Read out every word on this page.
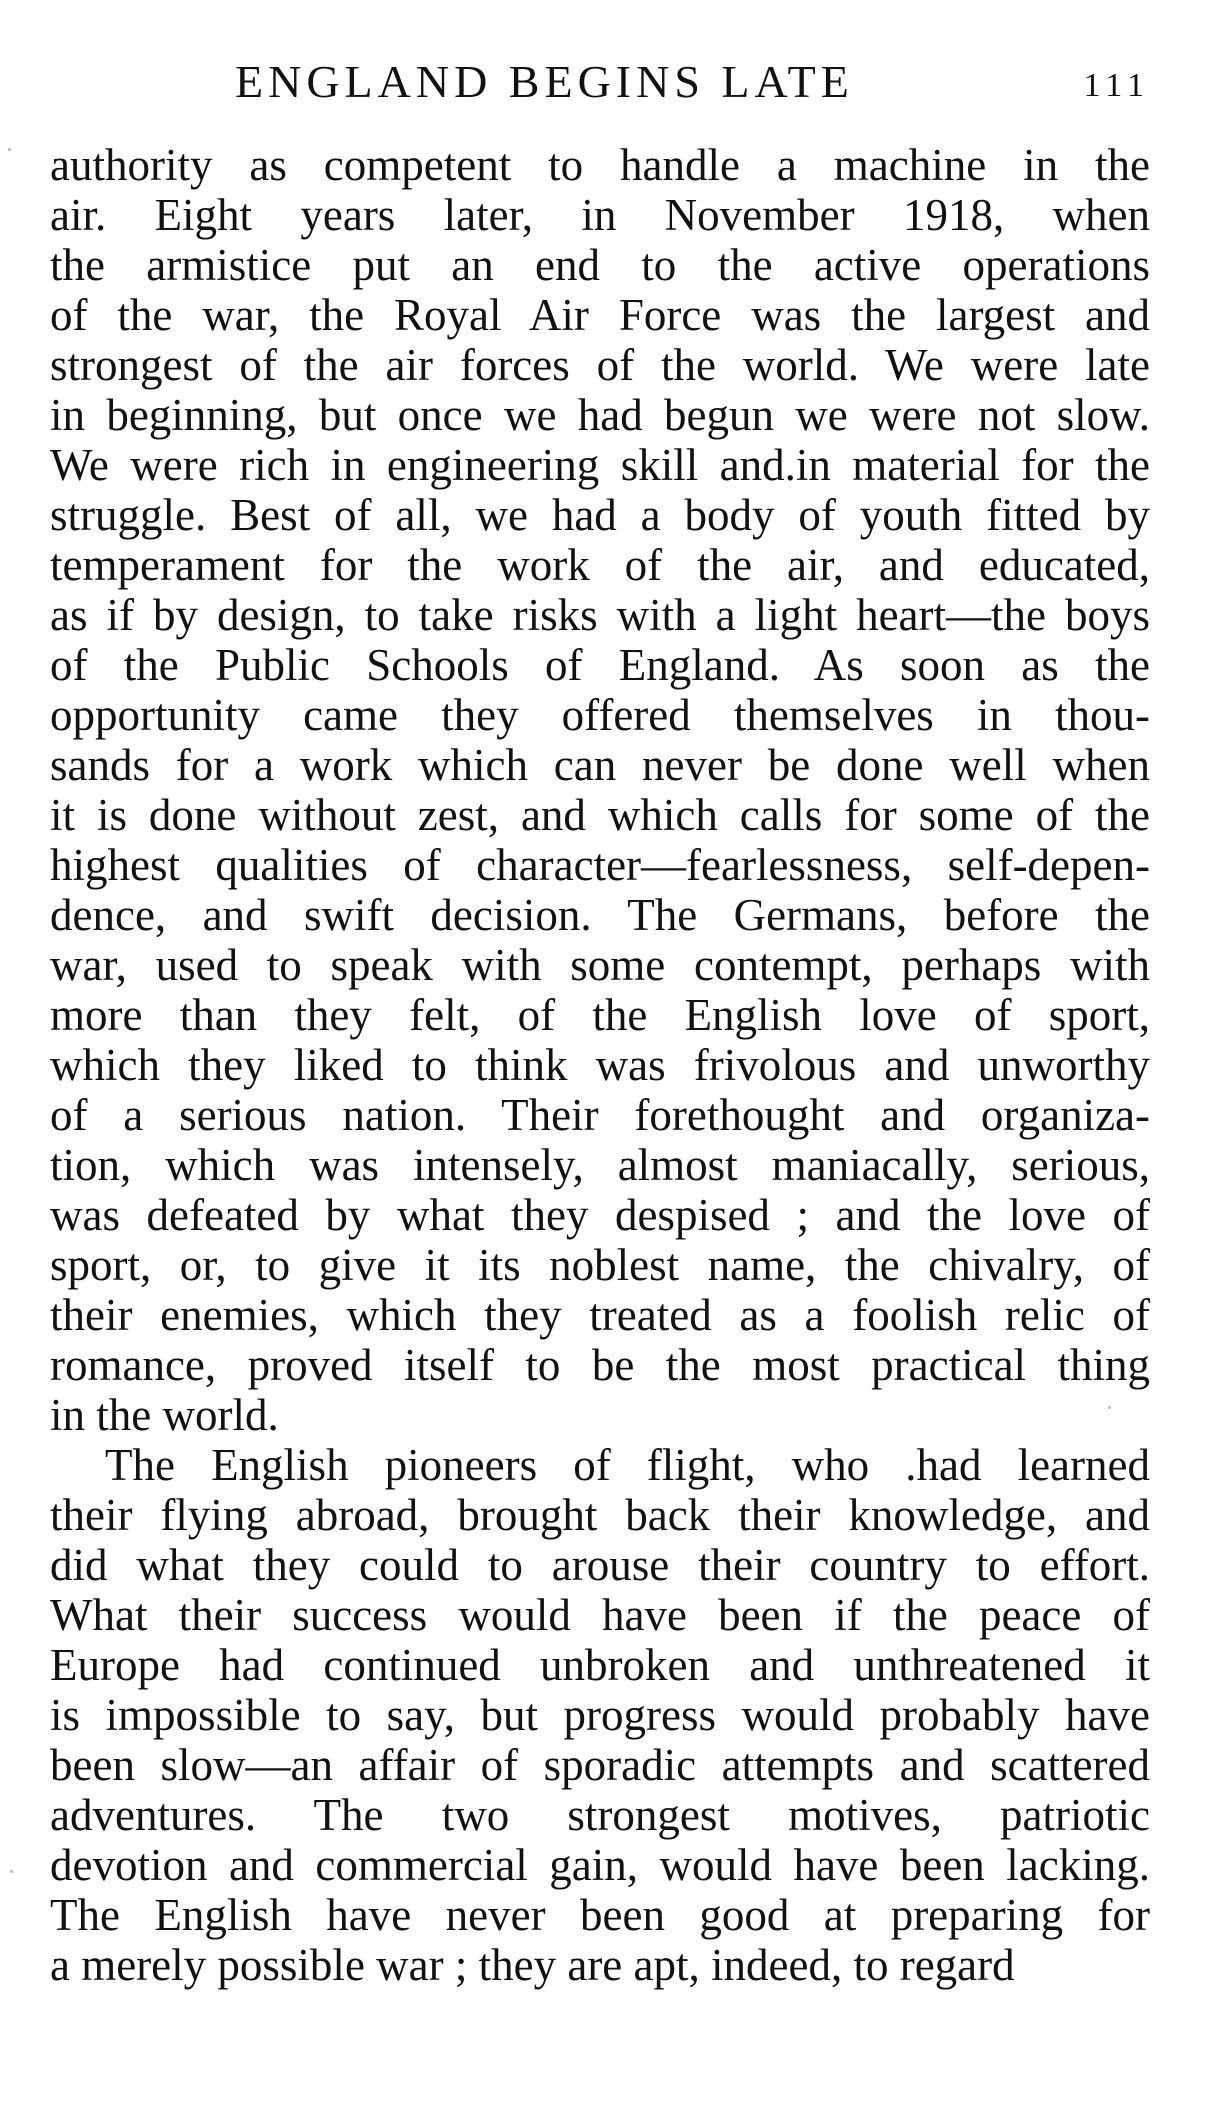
ENGLAND BEGINS LATE	111
authority as competent to handle a machine in the
air. Eight years later, in November 1918, when
the armistice put an end to the active operations
of the war, the Royal Air Force was the largest and
strongest of the air forces of the world. We were late
in beginning, but once we had begun we were not slow.
We were rich in engineering skill and.in material for the
struggle. Best of all, we had a body of youth fitted by
temperament for the work of the air, and educated,
as if by design, to take risks with a light heart—the boys
of the Public Schools of England. As soon as the
opportunity came they offered themselves in thou-
sands for a work which can never be done well when
it is done without zest, and which calls for some of the
highest qualities of character—fearlessness, self-depen-
dence, and swift decision. The Germans, before the
war, used to speak with some contempt, perhaps with
more than they felt, of the English love of sport,
which they liked to think was frivolous and unworthy
of a serious nation. Their forethought and organiza-
tion, which was intensely, almost maniacally, serious,
was defeated by what they despised ; and the love of
sport, or, to give it its noblest name, the chivalry, of
their enemies, which they treated as a foolish relic of
romance, proved itself to be the most practical thing
in the world.
The English pioneers of flight, who .had learned
their flying abroad, brought back their knowledge, and
did what they could to arouse their country to effort.
What their success would have been if the peace of
Europe had continued unbroken and unthreatened it
is impossible to say, but progress would probably have
been slow—an affair of sporadic attempts and scattered
adventures. The two strongest motives, patriotic
devotion and commercial gain, would have been lacking.
The English have never been good at preparing for
a merely possible war ; they are apt, indeed, to regard
